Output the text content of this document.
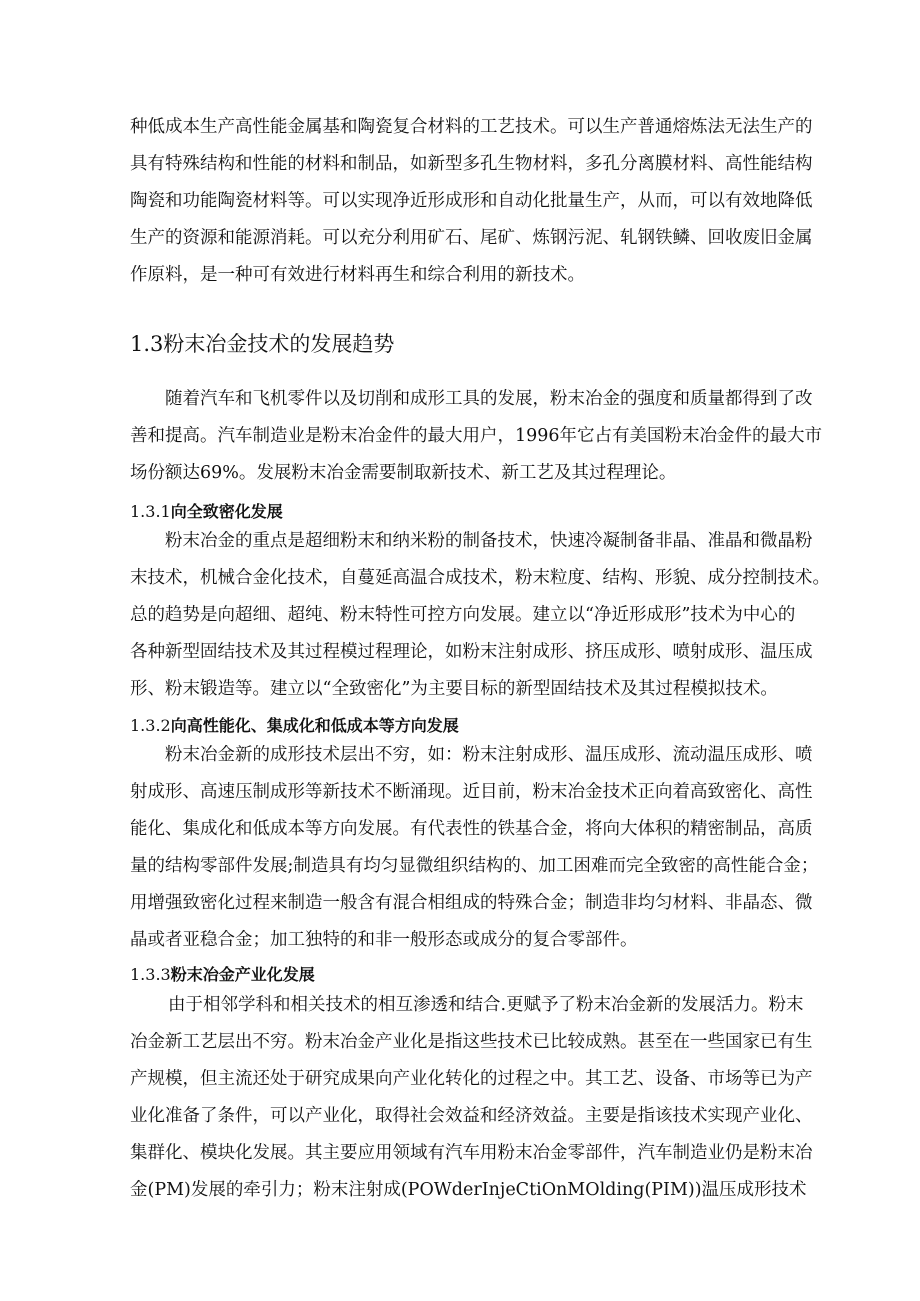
种低成本生产高性能金属基和陶瓷复合材料的工艺技术。可以生产普通熔炼法无法生产的
具有特殊结构和性能的材料和制品，如新型多孔生物材料，多孔分离膜材料、高性能结构
陶瓷和功能陶瓷材料等。可以实现净近形成形和自动化批量生产，从而，可以有效地降低
生产的资源和能源消耗。可以充分利用矿石、尾矿、炼钢污泥、轧钢铁鳞、回收废旧金属
作原料，是一种可有效进行材料再生和综合利用的新技术。
1.3粉末冶金技术的发展趋势
随着汽车和飞机零件以及切削和成形工具的发展，粉末冶金的强度和质量都得到了改
善和提高。汽车制造业是粉末冶金件的最大用户，1996年它占有美国粉末冶金件的最大市
场份额达69%。发展粉末冶金需要制取新技术、新工艺及其过程理论。
1.3.1向全致密化发展
粉末冶金的重点是超细粉末和纳米粉的制备技术，快速冷凝制备非晶、准晶和微晶粉
末技术，机械合金化技术，自蔓延高温合成技术，粉末粒度、结构、形貌、成分控制技术。
总的趋势是向超细、超纯、粉末特性可控方向发展。建立以“净近形成形”技术为中心的
各种新型固结技术及其过程模过程理论，如粉末注射成形、挤压成形、喷射成形、温压成
形、粉末锻造等。建立以“全致密化”为主要目标的新型固结技术及其过程模拟技术。
1.3.2向高性能化、集成化和低成本等方向发展
粉末冶金新的成形技术层出不穷，如：粉末注射成形、温压成形、流动温压成形、喷
射成形、高速压制成形等新技术不断涌现。近目前，粉末冶金技术正向着高致密化、高性
能化、集成化和低成本等方向发展。有代表性的铁基合金，将向大体积的精密制品，高质
量的结构零部件发展;制造具有均匀显微组织结构的、加工困难而完全致密的高性能合金；
用增强致密化过程来制造一般含有混合相组成的特殊合金；制造非均匀材料、非晶态、微
晶或者亚稳合金；加工独特的和非一般形态或成分的复合零部件。
1.3.3粉末冶金产业化发展
由于相邻学科和相关技术的相互渗透和结合.更赋予了粉末冶金新的发展活力。粉末
冶金新工艺层出不穷。粉末冶金产业化是指这些技术已比较成熟。甚至在一些国家已有生
产规模，但主流还处于研究成果向产业化转化的过程之中。其工艺、设备、市场等已为产
业化准备了条件，可以产业化，取得社会效益和经济效益。主要是指该技术实现产业化、
集群化、模块化发展。其主要应用领域有汽车用粉末冶金零部件，汽车制造业仍是粉末冶
金(PM)发展的牵引力；粉末注射成(POWderInjeCtiOnMOlding(PIM))温压成形技术
